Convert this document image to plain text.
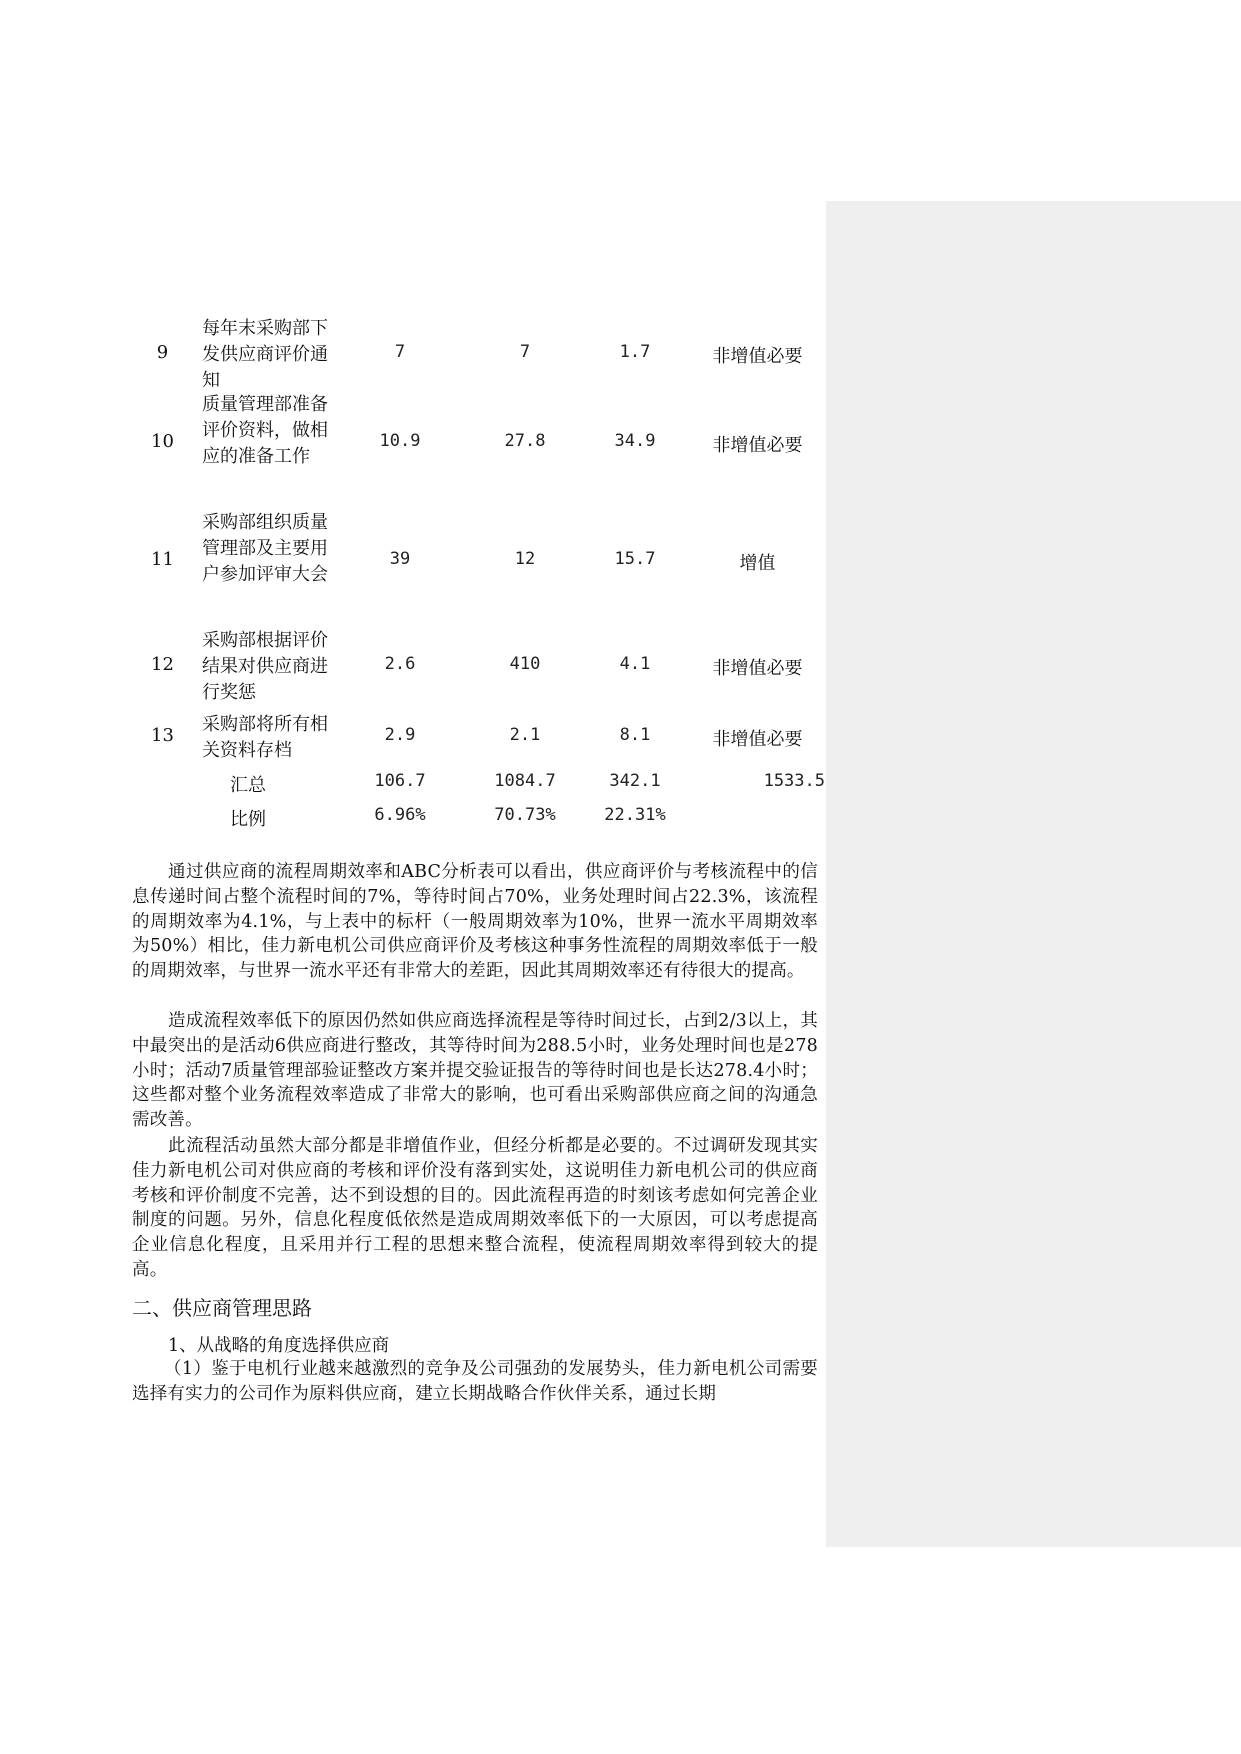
9
每年末采购部下发供应商评价通知
7	7	1.7	非增值必要
10
质量管理部准备评价资料，做相应的准备工作
10.9	27.8	34.9	非增值必要
11
采购部组织质量管理部及主要用户参加评审大会
39	12	15.7	增值
12
采购部根据评价结果对供应商进行奖惩
2.6	410	4.1	非增值必要
13
采购部将所有相关资料存档
2.9	2.1	8.1	非增值必要
汇总	106.7	1084.7	342.1	1533.5
比例	6.96%	70.73%	22.31%

通过供应商的流程周期效率和ABC分析表可以看出，供应商评价与考核流程中的信息传递时间占整个流程时间的7%，等待时间占70%，业务处理时间占22.3%，该流程的周期效率为4.1%，与上表中的标杆（一般周期效率为10%，世界一流水平周期效率为50%）相比，佳力新电机公司供应商评价及考核这种事务性流程的周期效率低于一般的周期效率，与世界一流水平还有非常大的差距，因此其周期效率还有待很大的提高。

造成流程效率低下的原因仍然如供应商选择流程是等待时间过长，占到2/3以上，其中最突出的是活动6供应商进行整改，其等待时间为288.5小时，业务处理时间也是278小时；活动7质量管理部验证整改方案并提交验证报告的等待时间也是长达278.4小时；这些都对整个业务流程效率造成了非常大的影响，也可看出采购部供应商之间的沟通急需改善。

此流程活动虽然大部分都是非增值作业，但经分析都是必要的。不过调研发现其实佳力新电机公司对供应商的考核和评价没有落到实处，这说明佳力新电机公司的供应商考核和评价制度不完善，达不到设想的目的。因此流程再造的时刻该考虑如何完善企业制度的问题。另外，信息化程度低依然是造成周期效率低下的一大原因，可以考虑提高企业信息化程度，且采用并行工程的思想来整合流程，使流程周期效率得到较大的提高。

二、供应商管理思路

1、从战略的角度选择供应商

（1）鉴于电机行业越来越激烈的竞争及公司强劲的发展势头，佳力新电机公司需要选择有实力的公司作为原料供应商，建立长期战略合作伙伴关系，通过长期
